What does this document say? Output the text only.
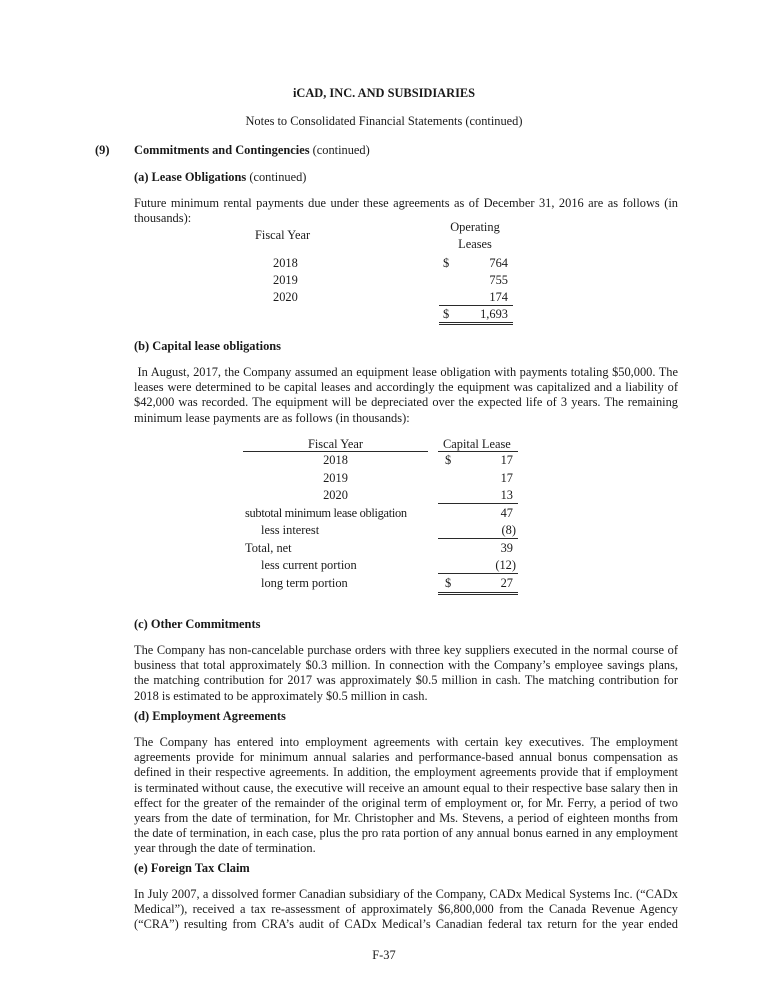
iCAD, INC. AND SUBSIDIARIES
Notes to Consolidated Financial Statements (continued)
(9) Commitments and Contingencies (continued)
(a) Lease Obligations (continued)

Future minimum rental payments due under these agreements as of December 31, 2016 are as follows (in thousands):

Fiscal Year
Operating
Leases
2018	$	764
2019	755
2020	174
$	1,693
(b) Capital lease obligations

In August, 2017, the Company assumed an equipment lease obligation with payments totaling $50,000. The leases were determined to be capital leases and accordingly the equipment was capitalized and a liability of $42,000 was recorded. The equipment will be depreciated over the expected life of 3 years. The remaining minimum lease payments are as follows (in thousands):

Fiscal Year	Capital Lease
2018	$	17
2019	17
2020	13
subtotal minimum lease obligation	47
less interest	(8)
Total, net	39
less current portion	(12)
long term portion	$	27
(c) Other Commitments

The Company has non-cancelable purchase orders with three key suppliers executed in the normal course of business that total approximately $0.3 million. In connection with the Company’s employee savings plans, the matching contribution for 2017 was approximately $0.5 million in cash. The matching contribution for 2018 is estimated to be approximately $0.5 million in cash.

(d) Employment Agreements

The Company has entered into employment agreements with certain key executives. The employment agreements provide for minimum annual salaries and performance-based annual bonus compensation as defined in their respective agreements. In addition, the employment agreements provide that if employment is terminated without cause, the executive will receive an amount equal to their respective base salary then in effect for the greater of the remainder of the original term of employment or, for Mr. Ferry, a period of two years from the date of termination, for Mr. Christopher and Ms. Stevens, a period of eighteen months from the date of termination, in each case, plus the pro rata portion of any annual bonus earned in any employment year through the date of termination.

(e) Foreign Tax Claim

In July 2007, a dissolved former Canadian subsidiary of the Company, CADx Medical Systems Inc. (“CADx Medical”), received a tax re-assessment of approximately $6,800,000 from the Canada Revenue Agency (“CRA”) resulting from CRA’s audit of CADx Medical’s Canadian federal tax return for the year ended

F-37
